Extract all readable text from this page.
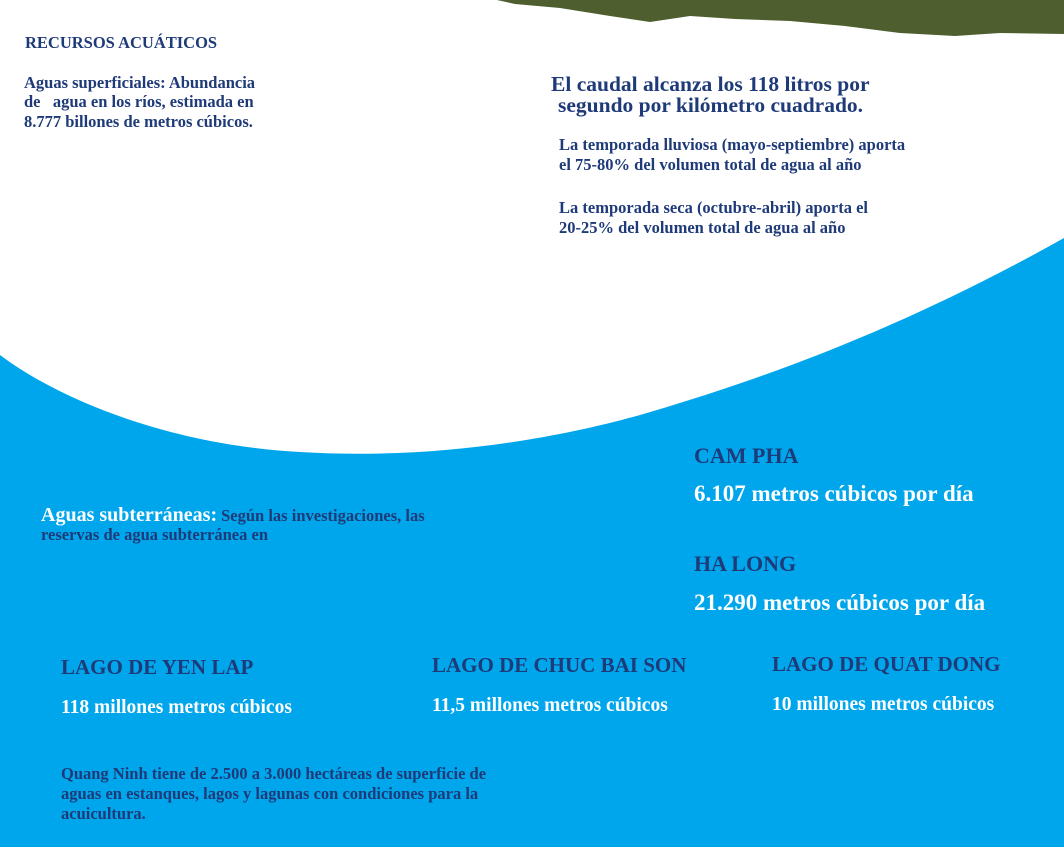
RECURSOS ACUÁTICOS
Aguas superficiales: Abundancia
de   agua en los ríos, estimada en
8.777 billones de metros cúbicos.
El caudal alcanza los 118 litros por
segundo por kilómetro cuadrado.
La temporada lluviosa (mayo-septiembre) aporta
el 75-80% del volumen total de agua al año
La temporada seca (octubre-abril) aporta el
20-25% del volumen total de agua al año
Aguas subterráneas: Según las investigaciones, las
reservas de agua subterránea en
CAM PHA
6.107 metros cúbicos por día
HA LONG
21.290 metros cúbicos por día
LAGO DE YEN LAP
118 millones metros cúbicos
LAGO DE CHUC BAI SON
11,5 millones metros cúbicos
LAGO DE QUAT DONG
10 millones metros cúbicos
Quang Ninh tiene de 2.500 a 3.000 hectáreas de superficie de
aguas en estanques, lagos y lagunas con condiciones para la
acuicultura.
